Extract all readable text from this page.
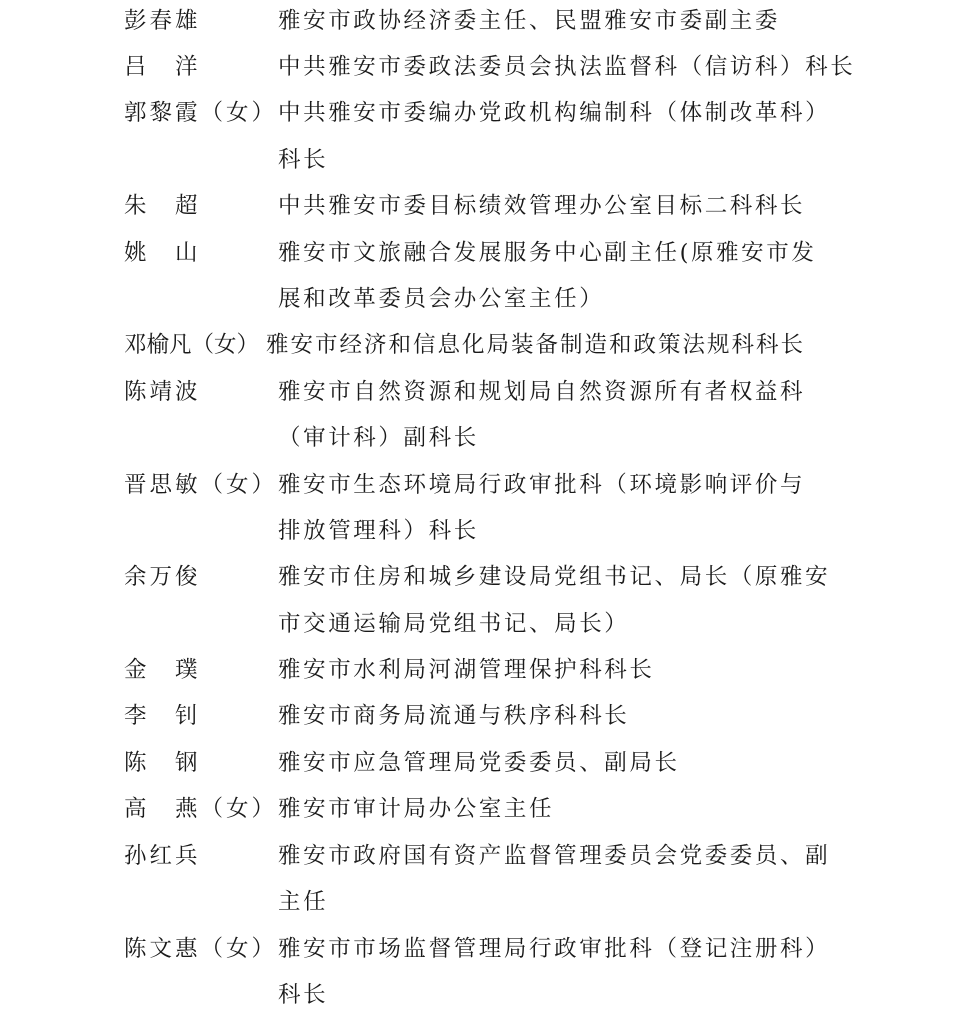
彭春雄	雅安市政协经济委主任、民盟雅安市委副主委
吕　洋	中共雅安市委政法委员会执法监督科（信访科）科长
郭黎霞（女） 中共雅安市委编办党政机构编制科（体制改革科）
科长
朱　超	中共雅安市委目标绩效管理办公室目标二科科长
姚　山	雅安市文旅融合发展服务中心副主任(原雅安市发
展和改革委员会办公室主任）
邓榆凡（女） 雅安市经济和信息化局装备制造和政策法规科科长
陈靖波	雅安市自然资源和规划局自然资源所有者权益科
（审计科）副科长
晋思敏（女） 雅安市生态环境局行政审批科（环境影响评价与
排放管理科）科长
余万俊	雅安市住房和城乡建设局党组书记、局长（原雅安
市交通运输局党组书记、局长）
金　璞	雅安市水利局河湖管理保护科科长
李　钊	雅安市商务局流通与秩序科科长
陈　钢	雅安市应急管理局党委委员、副局长
高　燕（女） 雅安市审计局办公室主任
孙红兵	雅安市政府国有资产监督管理委员会党委委员、副
主任
陈文惠（女） 雅安市市场监督管理局行政审批科（登记注册科）
科长
